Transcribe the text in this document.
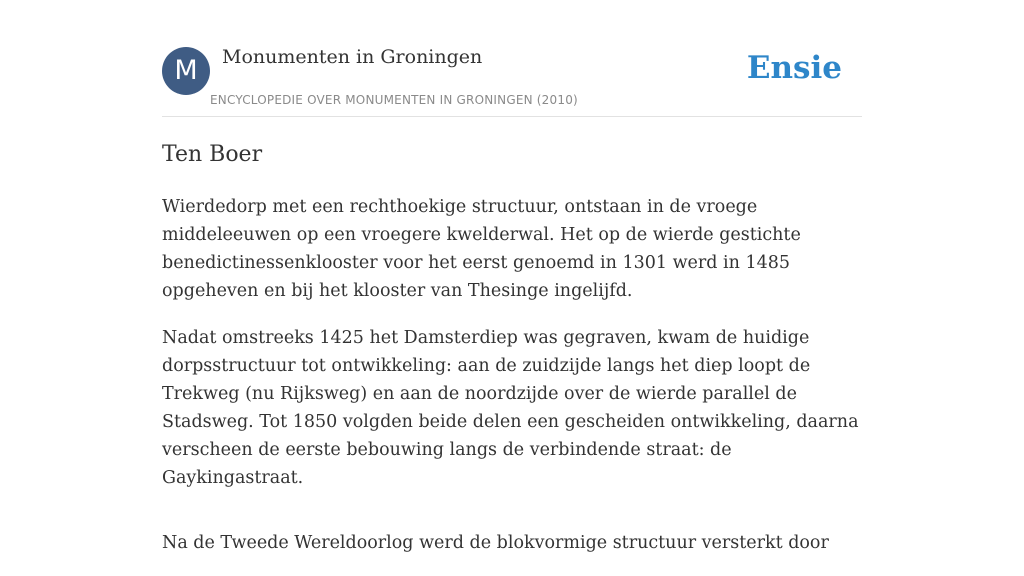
M	Monumenten in Groningen
ENCYCLOPEDIE OVER MONUMENTEN IN GRONINGEN (2010)
Ensie
Ten Boer

Wierdedorp met een rechthoekige structuur, ontstaan in de vroege middeleeuwen op een vroegere kwelderwal. Het op de wierde gestichte benedictinessenklooster voor het eerst genoemd in 1301 werd in 1485 opgeheven en bij het klooster van Thesinge ingelijfd.

Nadat omstreeks 1425 het Damsterdiep was gegraven, kwam de huidige dorpsstructuur tot ontwikkeling: aan de zuidzijde langs het diep loopt de Trekweg (nu Rijksweg) en aan de noordzijde over de wierde parallel de Stadsweg. Tot 1850 volgden beide delen een gescheiden ontwikkeling, daarna verscheen de eerste bebouwing langs de verbindende straat: de Gaykingastraat.

Na de Tweede Wereldoorlog werd de blokvormige structuur versterkt door
